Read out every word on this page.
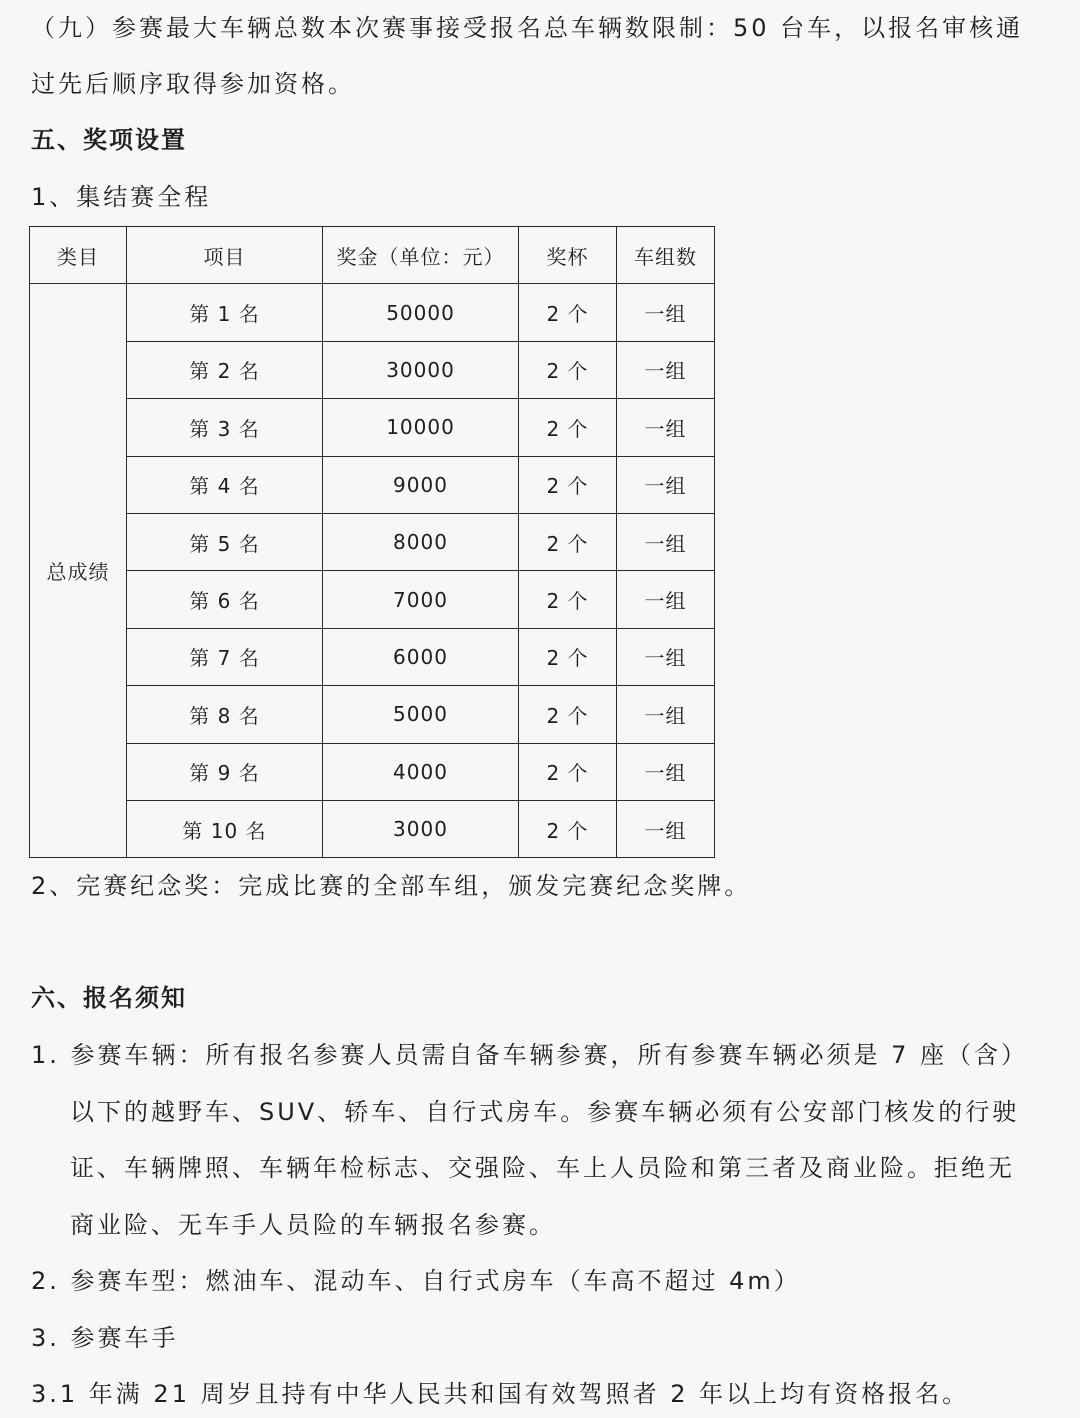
（九）参赛最大车辆总数本次赛事接受报名总车辆数限制：50 台车，以报名审核通
过先后顺序取得参加资格。
五、奖项设置
1、集结赛全程
类目	项目	奖金（单位：元）	奖杯	车组数
总成绩	第 1 名	50000	2 个	一组
	第 2 名	30000	2 个	一组
	第 3 名	10000	2 个	一组
	第 4 名	9000	2 个	一组
	第 5 名	8000	2 个	一组
	第 6 名	7000	2 个	一组
	第 7 名	6000	2 个	一组
	第 8 名	5000	2 个	一组
	第 9 名	4000	2 个	一组
	第 10 名	3000	2 个	一组
2、完赛纪念奖：完成比赛的全部车组，颁发完赛纪念奖牌。
六、报名须知
1. 参赛车辆：所有报名参赛人员需自备车辆参赛，所有参赛车辆必须是 7 座（含）
以下的越野车、SUV、轿车、自行式房车。参赛车辆必须有公安部门核发的行驶
证、车辆牌照、车辆年检标志、交强险、车上人员险和第三者及商业险。拒绝无
商业险、无车手人员险的车辆报名参赛。
2. 参赛车型：燃油车、混动车、自行式房车（车高不超过 4m）
3. 参赛车手
3.1 年满 21 周岁且持有中华人民共和国有效驾照者 2 年以上均有资格报名。
